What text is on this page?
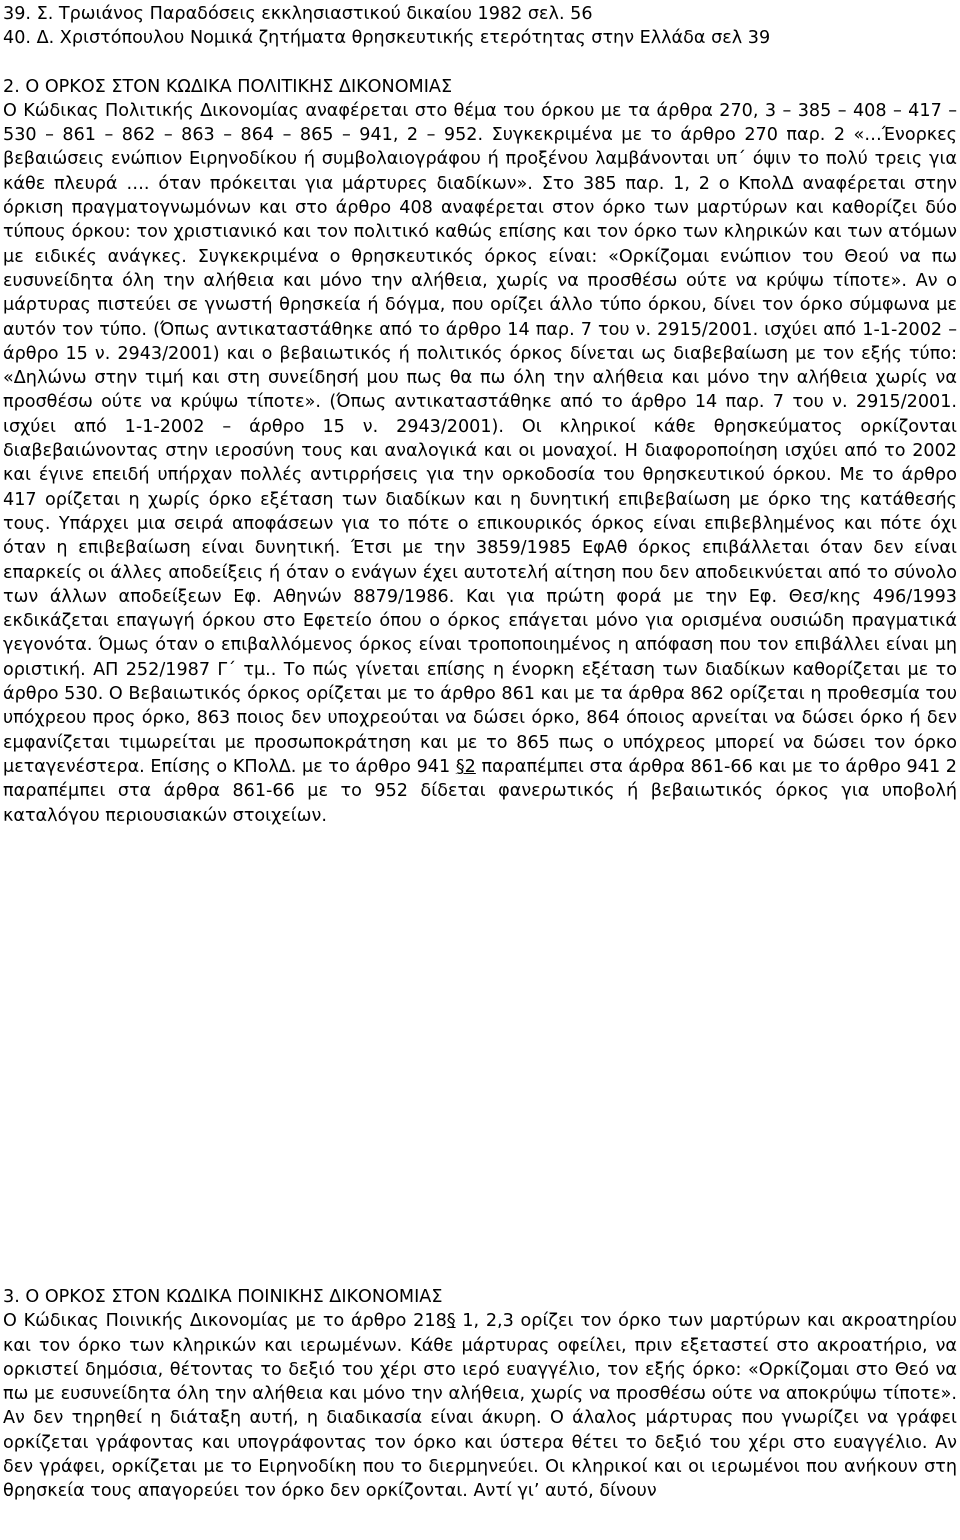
39. Σ. Τρωιάνος Παραδόσεις εκκλησιαστικού δικαίου 1982 σελ. 56
40. Δ. Χριστόπουλου Νομικά ζητήματα θρησκευτικής ετερότητας στην Ελλάδα σελ 39
2. Ο ΟΡΚΟΣ ΣΤΟΝ ΚΩΔΙΚΑ ΠΟΛΙΤΙΚΗΣ ΔΙΚΟΝΟΜΙΑΣ

Ο Κώδικας Πολιτικής Δικονομίας αναφέρεται στο θέμα του όρκου με τα άρθρα 270, 3 – 385 – 408 – 417 – 530 – 861 – 862 – 863 – 864 – 865 – 941, 2 – 952. Συγκεκριμένα με το άρθρο 270 παρ. 2 «…Ένορκες βεβαιώσεις ενώπιον Ειρηνοδίκου ή συμβολαιογράφου ή προξένου λαμβάνονται υπ΄ όψιν το πολύ τρεις για κάθε πλευρά …. όταν πρόκειται για μάρτυρες διαδίκων». Στο 385 παρ. 1, 2 ο ΚπολΔ αναφέρεται στην όρκιση πραγματογνωμόνων και στο άρθρο 408 αναφέρεται στον όρκο των μαρτύρων και καθορίζει δύο τύπους όρκου: τον χριστιανικό και τον πολιτικό καθώς επίσης και τον όρκο των κληρικών και των ατόμων με ειδικές ανάγκες. Συγκεκριμένα ο θρησκευτικός όρκος είναι: «Ορκίζομαι ενώπιον του Θεού να πω ευσυνείδητα όλη την αλήθεια και μόνο την αλήθεια, χωρίς να προσθέσω ούτε να κρύψω τίποτε». Αν ο μάρτυρας πιστεύει σε γνωστή θρησκεία ή δόγμα, που ορίζει άλλο τύπο όρκου, δίνει τον όρκο σύμφωνα με αυτόν τον τύπο. (Όπως αντικαταστάθηκε από το άρθρο 14 παρ. 7 του ν. 2915/2001. ισχύει από 1-1-2002 – άρθρο 15 ν. 2943/2001) και ο βεβαιωτικός ή πολιτικός όρκος δίνεται ως διαβεβαίωση με τον εξής τύπο: «Δηλώνω στην τιμή και στη συνείδησή μου πως θα πω όλη την αλήθεια και μόνο την αλήθεια χωρίς να προσθέσω ούτε να κρύψω τίποτε». (Όπως αντικαταστάθηκε από το άρθρο 14 παρ. 7 του ν. 2915/2001. ισχύει από 1-1-2002 – άρθρο 15 ν. 2943/2001). Οι κληρικοί κάθε θρησκεύματος ορκίζονται διαβεβαιώνοντας στην ιεροσύνη τους και αναλογικά και οι μοναχοί. Η διαφοροποίηση ισχύει από το 2002 και έγινε επειδή υπήρχαν πολλές αντιρρήσεις για την ορκοδοσία του θρησκευτικού όρκου. Με το άρθρο 417 ορίζεται η χωρίς όρκο εξέταση των διαδίκων και η δυνητική επιβεβαίωση με όρκο της κατάθεσής τους. Υπάρχει μια σειρά αποφάσεων για το πότε ο επικουρικός όρκος είναι επιβεβλημένος και πότε όχι όταν η επιβεβαίωση είναι δυνητική. Έτσι με την 3859/1985 ΕφΑθ όρκος επιβάλλεται όταν δεν είναι επαρκείς οι άλλες αποδείξεις ή όταν ο ενάγων έχει αυτοτελή αίτηση που δεν αποδεικνύεται από το σύνολο των άλλων αποδείξεων Εφ. Αθηνών 8879/1986. Και για πρώτη φορά με την Εφ. Θεσ/κης 496/1993 εκδικάζεται επαγωγή όρκου στο Εφετείο όπου ο όρκος επάγεται μόνο για ορισμένα ουσιώδη πραγματικά γεγονότα. Όμως όταν ο επιβαλλόμενος όρκος είναι τροποποιημένος η απόφαση που τον επιβάλλει είναι μη οριστική. ΑΠ 252/1987 Γ΄ τμ.. Το πώς γίνεται επίσης η ένορκη εξέταση των διαδίκων καθορίζεται με το άρθρο 530. Ο Βεβαιωτικός όρκος ορίζεται με το άρθρο 861 και με τα άρθρα 862 ορίζεται η προθεσμία του υπόχρεου προς όρκο, 863 ποιος δεν υποχρεούται να δώσει όρκο, 864 όποιος αρνείται να δώσει όρκο ή δεν εμφανίζεται τιμωρείται με προσωποκράτηση και με το 865 πως ο υπόχρεος μπορεί να δώσει τον όρκο μεταγενέστερα. Επίσης ο ΚΠολΔ. με το άρθρο 941 §2 παραπέμπει στα άρθρα 861-66 και με το άρθρο 941 2 παραπέμπει στα άρθρα 861-66 με το 952 δίδεται φανερωτικός ή βεβαιωτικός όρκος για υποβολή καταλόγου περιουσιακών στοιχείων.

3. Ο ΟΡΚΟΣ ΣΤΟΝ ΚΩΔΙΚΑ ΠΟΙΝΙΚΗΣ ΔΙΚΟΝΟΜΙΑΣ

Ο Κώδικας Ποινικής Δικονομίας με το άρθρο 218§ 1, 2,3 ορίζει τον όρκο των μαρτύρων και ακροατηρίου και τον όρκο των κληρικών και ιερωμένων. Κάθε μάρτυρας οφείλει, πριν εξεταστεί στο ακροατήριο, να ορκιστεί δημόσια, θέτοντας το δεξιό του χέρι στο ιερό ευαγγέλιο, τον εξής όρκο: «Ορκίζομαι στο Θεό να πω με ευσυνείδητα όλη την αλήθεια και μόνο την αλήθεια, χωρίς να προσθέσω ούτε να αποκρύψω τίποτε». Αν δεν τηρηθεί η διάταξη αυτή, η διαδικασία είναι άκυρη. Ο άλαλος μάρτυρας που γνωρίζει να γράφει ορκίζεται γράφοντας και υπογράφοντας τον όρκο και ύστερα θέτει το δεξιό του χέρι στο ευαγγέλιο. Αν δεν γράφει, ορκίζεται με το Ειρηνοδίκη που το διερμηνεύει. Οι κληρικοί και οι ιερωμένοι που ανήκουν στη θρησκεία τους απαγορεύει τον όρκο δεν ορκίζονται. Αντί γι’ αυτό, δίνουν
